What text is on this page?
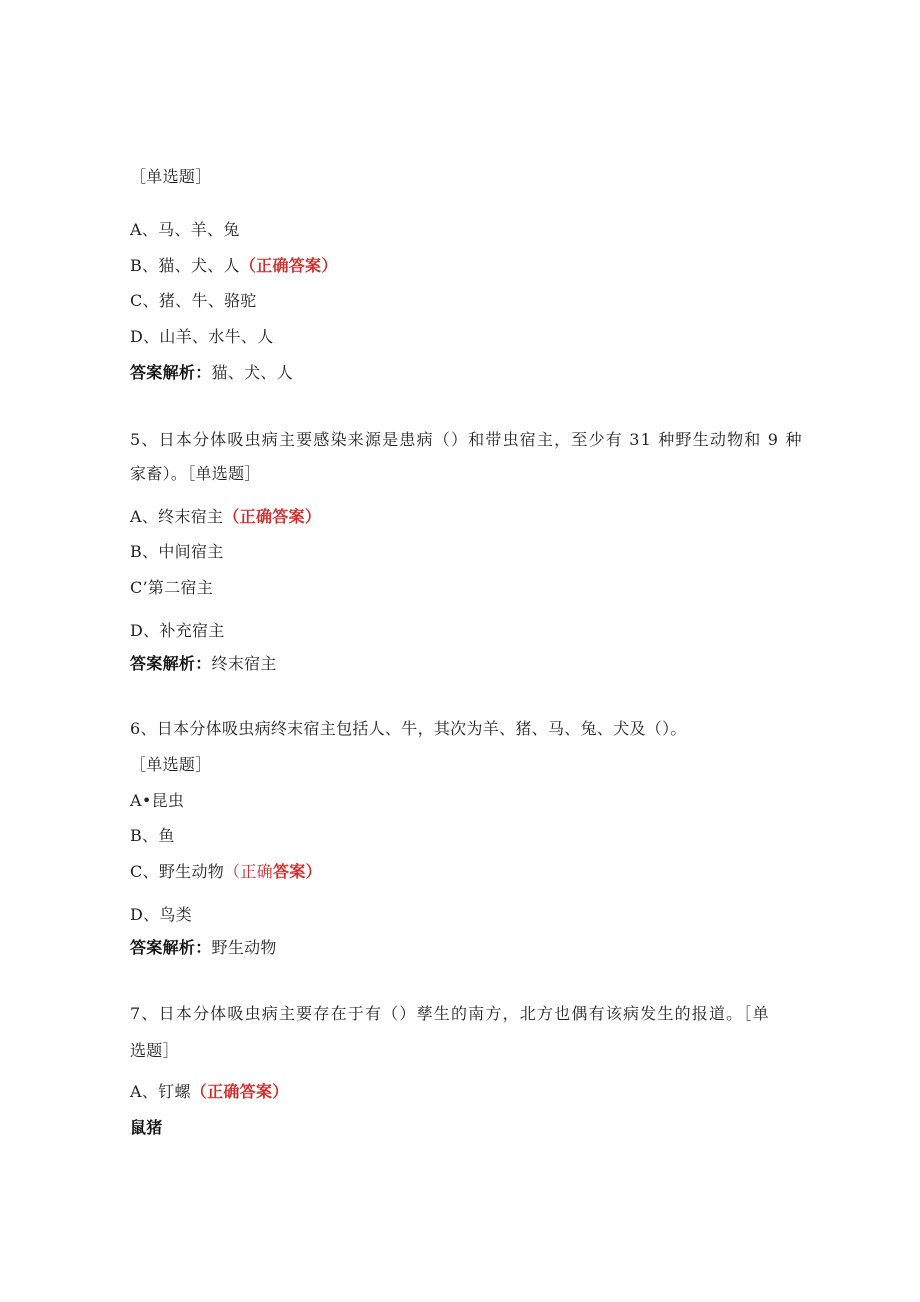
［单选题］
A、马、羊、兔
B、猫、犬、人（正确答案）
C、猪、牛、骆驼
D、山羊、水牛、人
答案解析：猫、犬、人
5、日本分体吸虫病主要感染来源是患病（）和带虫宿主，至少有 31 种野生动物和 9 种
家畜）。［单选题］
A、终末宿主（正确答案）
B、中间宿主
C’第二宿主
D、补充宿主
答案解析：终末宿主
6、日本分体吸虫病终末宿主包括人、牛，其次为羊、猪、马、兔、犬及（）。
［单选题］
A•昆虫
B、鱼
C、野生动物（正确答案）
D、鸟类
答案解析：野生动物
7、日本分体吸虫病主要存在于有（）孳生的南方，北方也偶有该病发生的报道。［单
选题］
A、钉螺（正确答案）
鼠猪
